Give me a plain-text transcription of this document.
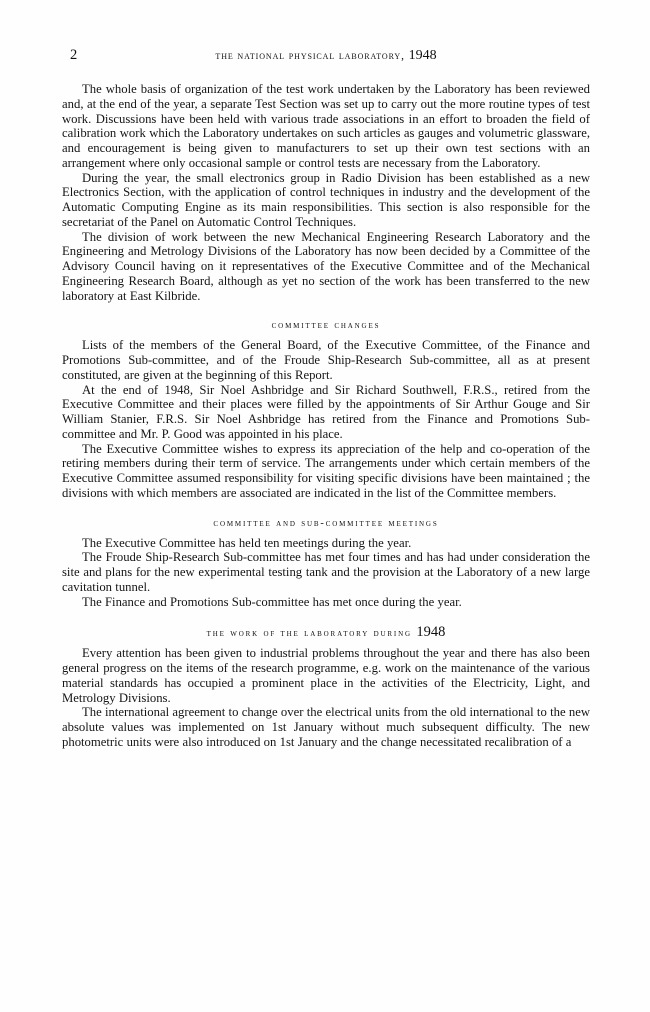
2	the national physical laboratory, 1948

The whole basis of organization of the test work undertaken by the Laboratory has been reviewed and, at the end of the year, a separate Test Section was set up to carry out the more routine types of test work. Discussions have been held with various trade associations in an effort to broaden the field of calibration work which the Laboratory undertakes on such articles as gauges and volumetric glassware, and encouragement is being given to manufacturers to set up their own test sections with an arrangement where only occasional sample or control tests are necessary from the Laboratory.

During the year, the small electronics group in Radio Division has been established as a new Electronics Section, with the application of control techniques in industry and the development of the Automatic Computing Engine as its main responsibilities. This section is also responsible for the secretariat of the Panel on Automatic Control Techniques.

The division of work between the new Mechanical Engineering Research Laboratory and the Engineering and Metrology Divisions of the Laboratory has now been decided by a Committee of the Advisory Council having on it representatives of the Executive Committee and of the Mechanical Engineering Research Board, although as yet no section of the work has been transferred to the new laboratory at East Kilbride.

committee changes

Lists of the members of the General Board, of the Executive Committee, of the Finance and Promotions Sub-committee, and of the Froude Ship-Research Sub-committee, all as at present constituted, are given at the beginning of this Report.

At the end of 1948, Sir Noel Ashbridge and Sir Richard Southwell, F.R.S., retired from the Executive Committee and their places were filled by the appointments of Sir Arthur Gouge and Sir William Stanier, F.R.S. Sir Noel Ashbridge has retired from the Finance and Promotions Sub-committee and Mr. P. Good was appointed in his place.

The Executive Committee wishes to express its appreciation of the help and co-operation of the retiring members during their term of service. The arrangements under which certain members of the Executive Committee assumed responsibility for visiting specific divisions have been maintained ; the divisions with which members are associated are indicated in the list of the Committee members.

committee and sub-committee meetings

The Executive Committee has held ten meetings during the year.

The Froude Ship-Research Sub-committee has met four times and has had under consideration the site and plans for the new experimental testing tank and the provision at the Laboratory of a new large cavitation tunnel.

The Finance and Promotions Sub-committee has met once during the year.

the work of the laboratory during 1948

Every attention has been given to industrial problems throughout the year and there has also been general progress on the items of the research programme, e.g. work on the maintenance of the various material standards has occupied a prominent place in the activities of the Electricity, Light, and Metrology Divisions.

The international agreement to change over the electrical units from the old international to the new absolute values was implemented on 1st January without much subsequent difficulty. The new photometric units were also introduced on 1st January and the change necessitated recalibration of a
